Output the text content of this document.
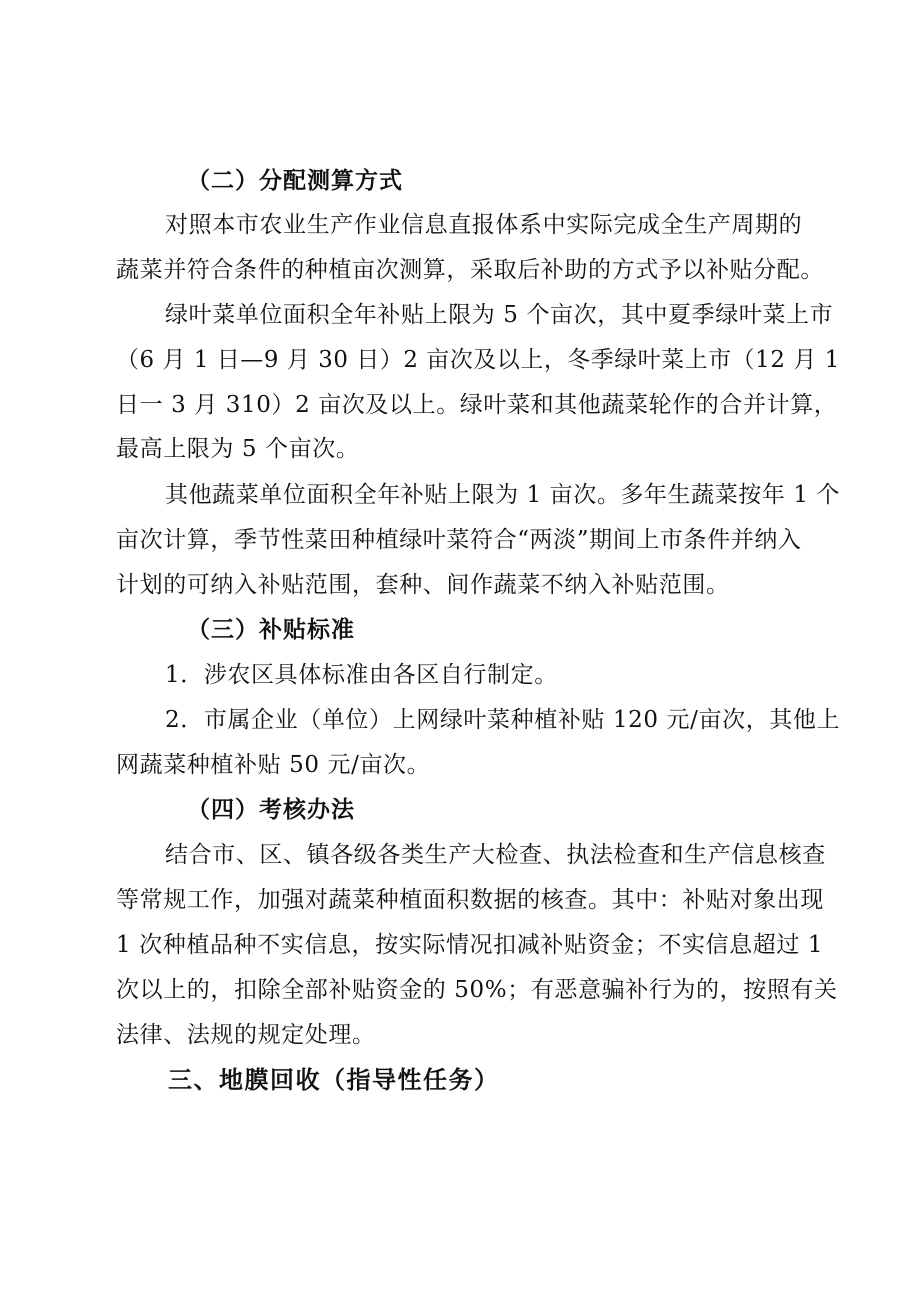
（二）分配测算方式
对照本市农业生产作业信息直报体系中实际完成全生产周期的
蔬菜并符合条件的种植亩次测算，采取后补助的方式予以补贴分配。
绿叶菜单位面积全年补贴上限为 5 个亩次，其中夏季绿叶菜上市
（6 月 1 日—9 月 30 日）2 亩次及以上，冬季绿叶菜上市（12 月 1
日一 3 月 310）2 亩次及以上。绿叶菜和其他蔬菜轮作的合并计算，
最高上限为 5 个亩次。
其他蔬菜单位面积全年补贴上限为 1 亩次。多年生蔬菜按年 1 个
亩次计算，季节性菜田种植绿叶菜符合“两淡”期间上市条件并纳入
计划的可纳入补贴范围，套种、间作蔬菜不纳入补贴范围。
（三）补贴标准
1．涉农区具体标准由各区自行制定。
2．市属企业（单位）上网绿叶菜种植补贴 120 元/亩次，其他上
网蔬菜种植补贴 50 元/亩次。
（四）考核办法
结合市、区、镇各级各类生产大检查、执法检查和生产信息核查
等常规工作，加强对蔬菜种植面积数据的核查。其中：补贴对象出现
1 次种植品种不实信息，按实际情况扣减补贴资金；不实信息超过 1
次以上的，扣除全部补贴资金的 50%；有恶意骗补行为的，按照有关
法律、法规的规定处理。
三、地膜回收（指导性任务）
